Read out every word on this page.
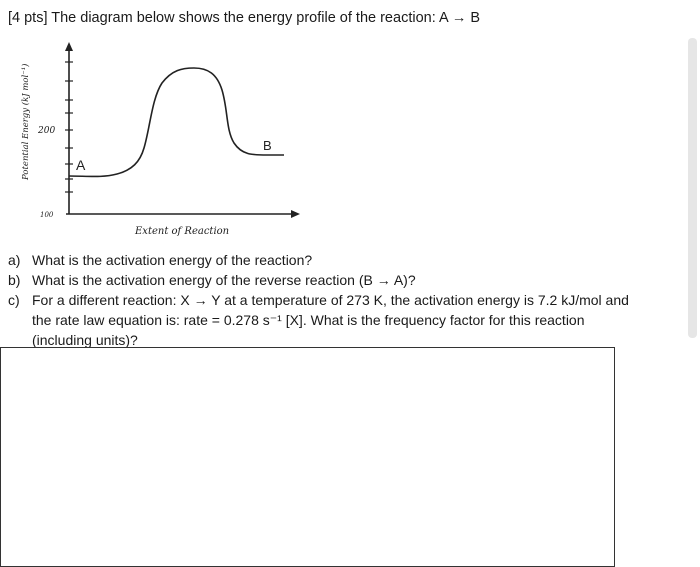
[4 pts] The diagram below shows the energy profile of the reaction: A → B
200
100
Potential Energy (kJ mol⁻¹)	A
B
Extent of Reaction
a) What is the activation energy of the reaction?
b) What is the activation energy of the reverse reaction (B → A)?
c) For a different reaction: X → Y at a temperature of 273 K, the activation energy is 7.2 kJ/mol and the rate law equation is: rate = 0.278 s⁻¹ [X]. What is the frequency factor for this reaction (including units)?
